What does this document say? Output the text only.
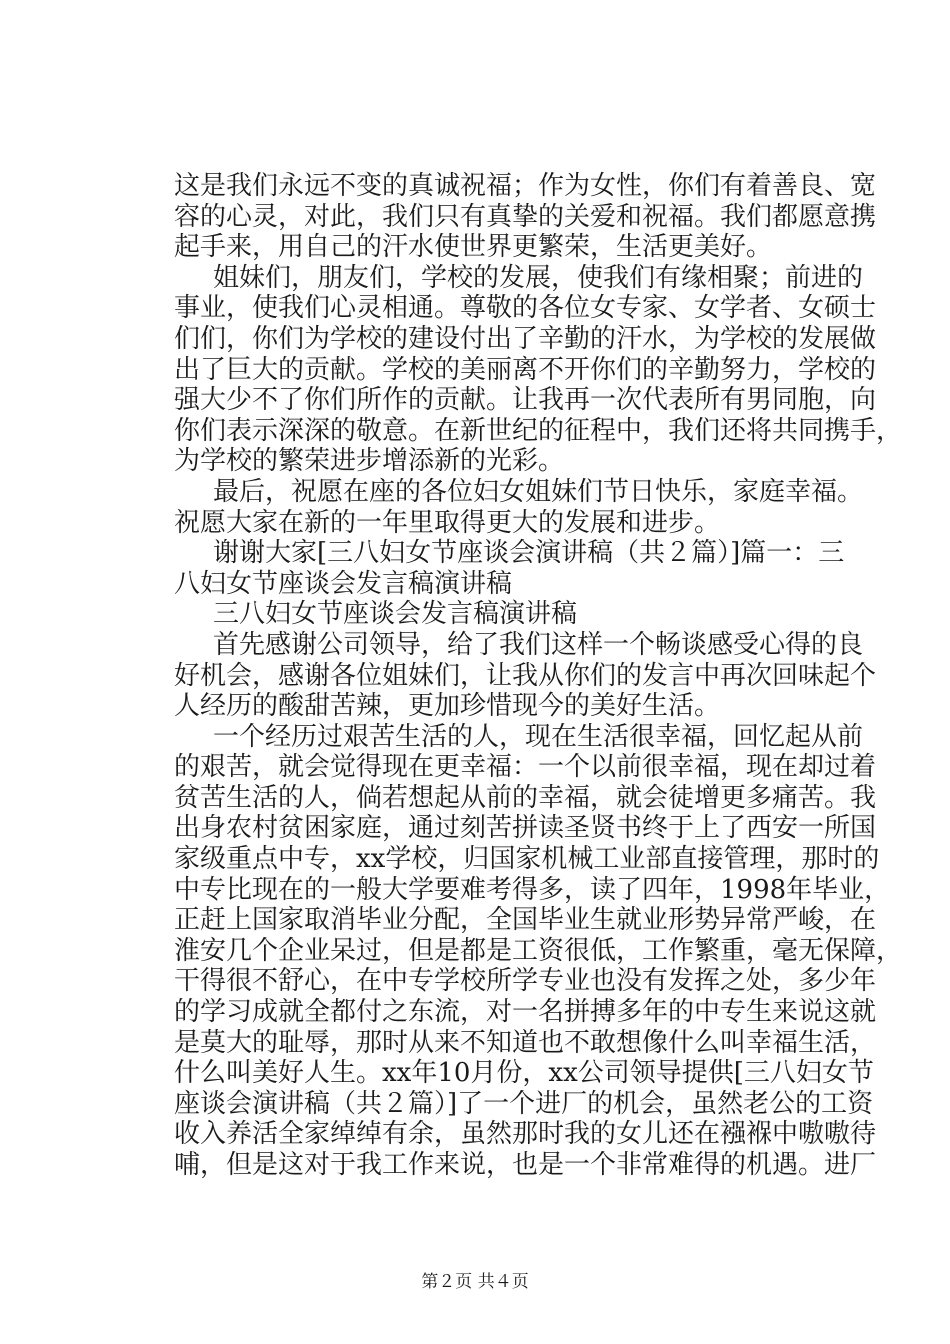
这是我们永远不变的真诚祝福；作为女性，你们有着善良、宽
容的心灵，对此，我们只有真挚的关爱和祝福。我们都愿意携
起手来，用自己的汗水使世界更繁荣，生活更美好。
　姐妹们，朋友们，学校的发展，使我们有缘相聚；前进的
事业，使我们心灵相通。尊敬的各位女专家、女学者、女硕士
们们，你们为学校的建设付出了辛勤的汗水，为学校的发展做
出了巨大的贡献。学校的美丽离不开你们的辛勤努力，学校的
强大少不了你们所作的贡献。让我再一次代表所有男同胞，向
你们表示深深的敬意。在新世纪的征程中，我们还将共同携手，
为学校的繁荣进步增添新的光彩。
　最后，祝愿在座的各位妇女姐妹们节日快乐，家庭幸福。
祝愿大家在新的一年里取得更大的发展和进步。
　谢谢大家[三八妇女节座谈会演讲稿（共２篇）]篇一：三
八妇女节座谈会发言稿演讲稿
　三八妇女节座谈会发言稿演讲稿
　首先感谢公司领导，给了我们这样一个畅谈感受心得的良
好机会，感谢各位姐妹们，让我从你们的发言中再次回味起个
人经历的酸甜苦辣，更加珍惜现今的美好生活。
　一个经历过艰苦生活的人，现在生活很幸福，回忆起从前
的艰苦，就会觉得现在更幸福：一个以前很幸福，现在却过着
贫苦生活的人，倘若想起从前的幸福，就会徒增更多痛苦。我
出身农村贫困家庭，通过刻苦拼读圣贤书终于上了西安一所国
家级重点中专，xx学校，归国家机械工业部直接管理，那时的
中专比现在的一般大学要难考得多，读了四年，1998年毕业，
正赶上国家取消毕业分配，全国毕业生就业形势异常严峻，在
淮安几个企业呆过，但是都是工资很低，工作繁重，毫无保障，
干得很不舒心，在中专学校所学专业也没有发挥之处，多少年
的学习成就全都付之东流，对一名拼搏多年的中专生来说这就
是莫大的耻辱，那时从来不知道也不敢想像什么叫幸福生活，
什么叫美好人生。xx年10月份，xx公司领导提供[三八妇女节
座谈会演讲稿（共２篇）]了一个进厂的机会，虽然老公的工资
收入养活全家绰绰有余，虽然那时我的女儿还在襁褓中嗷嗷待
哺，但是这对于我工作来说，也是一个非常难得的机遇。进厂
第２页 共４页
